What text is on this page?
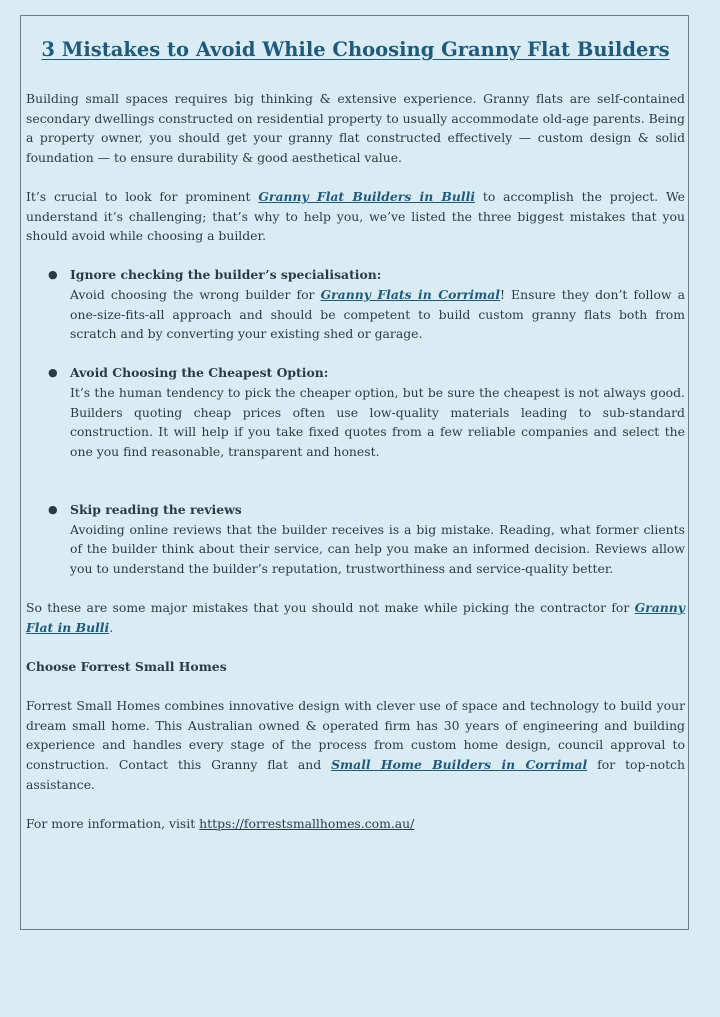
3 Mistakes to Avoid While Choosing Granny Flat Builders

Building small spaces requires big thinking & extensive experience. Granny flats are self-contained secondary dwellings constructed on residential property to usually accommodate old-age parents. Being a property owner, you should get your granny flat constructed effectively — custom design & solid foundation — to ensure durability & good aesthetical value.

It’s crucial to look for prominent Granny Flat Builders in Bulli to accomplish the project. We understand it’s challenging; that’s why to help you, we’ve listed the three biggest mistakes that you should avoid while choosing a builder.

● Ignore checking the builder’s specialisation:

Avoid choosing the wrong builder for Granny Flats in Corrimal! Ensure they don’t follow a one-size-fits-all approach and should be competent to build custom granny flats both from scratch and by converting your existing shed or garage.

● Avoid Choosing the Cheapest Option:

It’s the human tendency to pick the cheaper option, but be sure the cheapest is not always good. Builders quoting cheap prices often use low-quality materials leading to sub-standard construction. It will help if you take fixed quotes from a few reliable companies and select the one you find reasonable, transparent and honest.

● Skip reading the reviews

Avoiding online reviews that the builder receives is a big mistake. Reading, what former clients of the builder think about their service, can help you make an informed decision. Reviews allow you to understand the builder’s reputation, trustworthiness and service-quality better.

So these are some major mistakes that you should not make while picking the contractor for Granny Flat in Bulli.

Choose Forrest Small Homes

Forrest Small Homes combines innovative design with clever use of space and technology to build your dream small home. This Australian owned & operated firm has 30 years of engineering and building experience and handles every stage of the process from custom home design, council approval to construction. Contact this Granny flat and Small Home Builders in Corrimal for top-notch assistance.

For more information, visit https://forrestsmallhomes.com.au/
